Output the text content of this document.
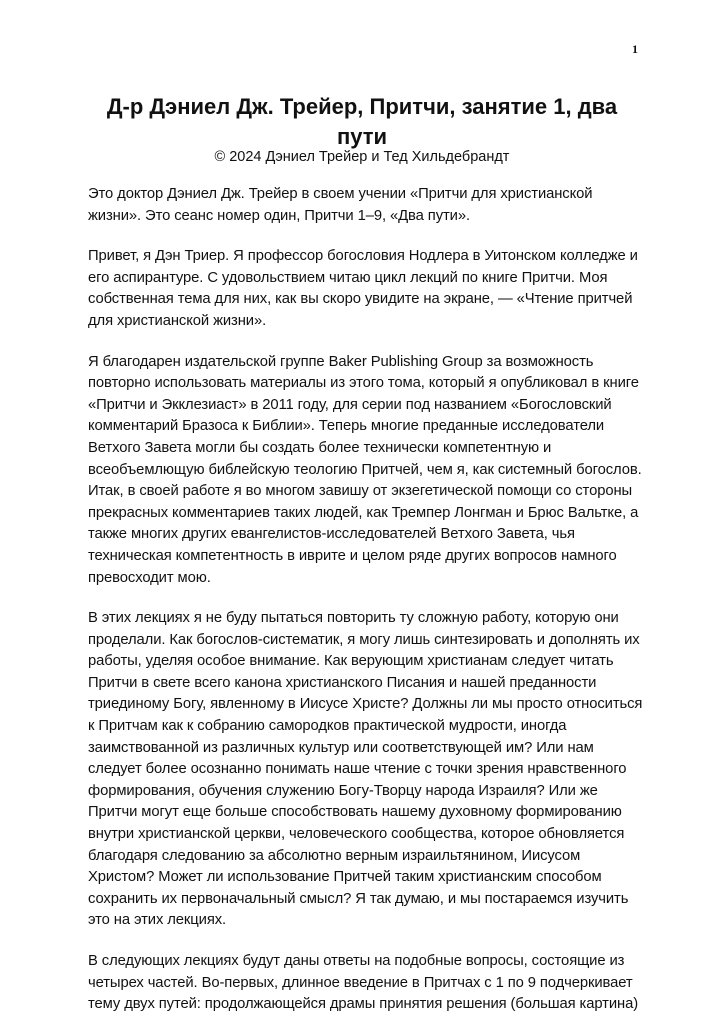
1
Д-р Дэниел Дж. Трейер, Притчи, занятие 1, два пути
© 2024 Дэниел Трейер и Тед Хильдебрандт

Это доктор Дэниел Дж. Трейер в своем учении «Притчи для христианской жизни». Это сеанс номер один, Притчи 1–9, «Два пути».

Привет, я Дэн Триер. Я профессор богословия Нодлера в Уитонском колледже и его аспирантуре. С удовольствием читаю цикл лекций по книге Притчи. Моя собственная тема для них, как вы скоро увидите на экране, — «Чтение притчей для христианской жизни».

Я благодарен издательской группе Baker Publishing Group за возможность повторно использовать материалы из этого тома, который я опубликовал в книге «Притчи и Экклезиаст» в 2011 году, для серии под названием «Богословский комментарий Бразоса к Библии». Теперь многие преданные исследователи Ветхого Завета могли бы создать более технически компетентную и всеобъемлющую библейскую теологию Притчей, чем я, как системный богослов. Итак, в своей работе я во многом завишу от экзегетической помощи со стороны прекрасных комментариев таких людей, как Тремпер Лонгман и Брюс Вальтке, а также многих других евангелистов-исследователей Ветхого Завета, чья техническая компетентность в иврите и целом ряде других вопросов намного превосходит мою.

В этих лекциях я не буду пытаться повторить ту сложную работу, которую они проделали. Как богослов-систематик, я могу лишь синтезировать и дополнять их работы, уделяя особое внимание. Как верующим христианам следует читать Притчи в свете всего канона христианского Писания и нашей преданности триединому Богу, явленному в Иисусе Христе? Должны ли мы просто относиться к Притчам как к собранию самородков практической мудрости, иногда заимствованной из различных культур или соответствующей им? Или нам следует более осознанно понимать наше чтение с точки зрения нравственного формирования, обучения служению Богу-Творцу народа Израиля? Или же Притчи могут еще больше способствовать нашему духовному формированию внутри христианской церкви, человеческого сообщества, которое обновляется благодаря следованию за абсолютно верным израильтянином, Иисусом Христом? Может ли использование Притчей таким христианским способом сохранить их первоначальный смысл? Я так думаю, и мы постараемся изучить это на этих лекциях.

В следующих лекциях будут даны ответы на подобные вопросы, состоящие из четырех частей. Во-первых, длинное введение в Притчах с 1 по 9 подчеркивает тему двух путей: продолжающейся драмы принятия решения (большая картина)
